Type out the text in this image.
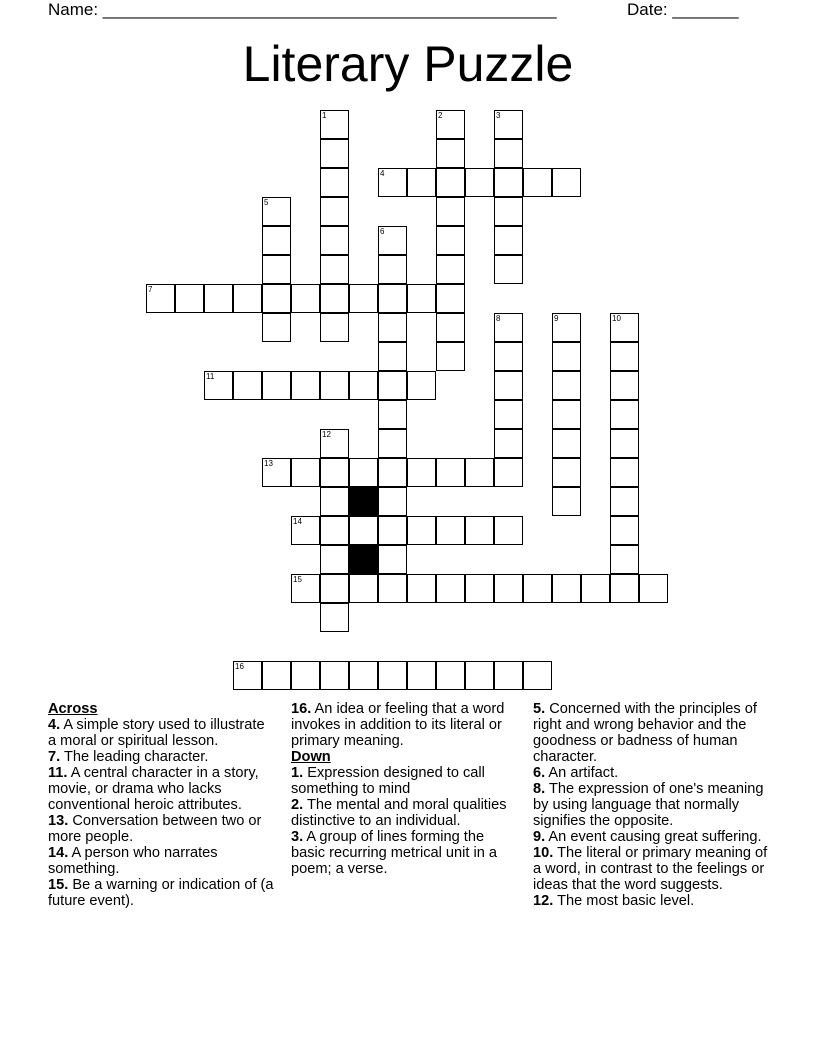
Name: ________________________________________________	Date: _______
Literary Puzzle
4
7
11
13
14
15
16
1	2	3
5
6
8	9	10
12
Across
4. A simple story used to illustrate a moral or spiritual lesson.
7. The leading character.
11. A central character in a story, movie, or drama who lacks conventional heroic attributes.
13. Conversation between two or more people.
14. A person who narrates something.
15. Be a warning or indication of (a future event).
16. An idea or feeling that a word invokes in addition to its literal or primary meaning.
Down
1. Expression designed to call something to mind
2. The mental and moral qualities distinctive to an individual.
3. A group of lines forming the basic recurring metrical unit in a poem; a verse.
5. Concerned with the principles of right and wrong behavior and the goodness or badness of human character.
6. An artifact.
8. The expression of one's meaning by using language that normally signifies the opposite.
9. An event causing great suffering.
10. The literal or primary meaning of a word, in contrast to the feelings or ideas that the word suggests.
12. The most basic level.
